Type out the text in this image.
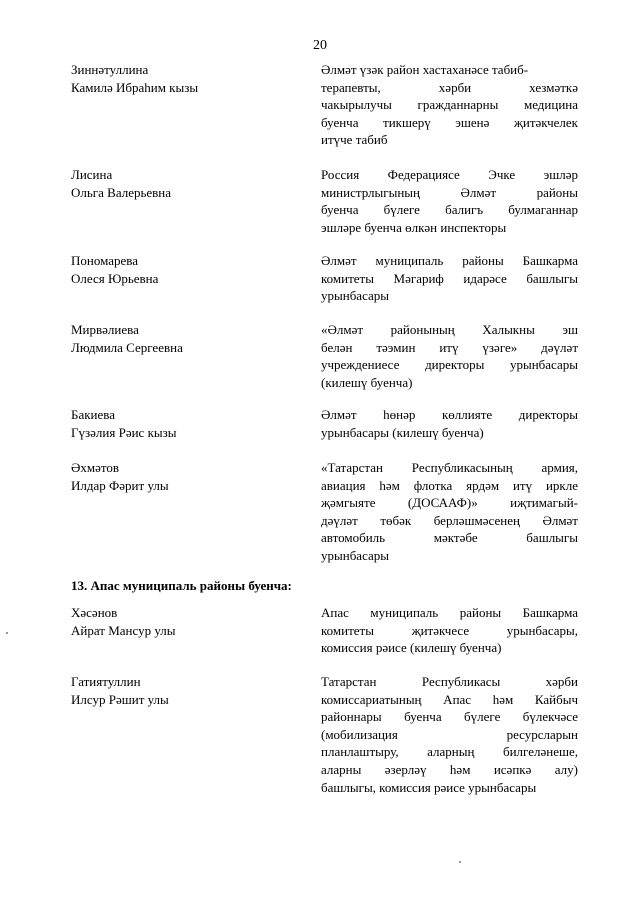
20
Зиннәтуллина
Камилә Ибраһим кызы
Әлмәт үзәк район хастаханәсе табиб-
терапевты, хәрби хезмәткә
чакырылучы гражданнарны медицина
буенча тикшерү эшенә җитәкчелек
итүче табиб
Лисина
Ольга Валерьевна
Россия Федерациясе Эчке эшләр
министрлыгының Әлмәт районы
буенча бүлеге балигъ булмаганнар
эшләре буенча өлкән инспекторы
Пономарева
Олеся Юрьевна
Әлмәт муниципаль районы Башкарма
комитеты Мәгариф идарәсе башлыгы
урынбасары
Мирвәлиева
Людмила Сергеевна
«Әлмәт районының Халыкны эш
белән тәэмин итү үзәге» дәүләт
учреждениесе директоры урынбасары
(килешү буенча)
Бакиева
Гүзәлия Рәис кызы
Әлмәт һөнәр көллияте директоры
урынбасары (килешү буенча)
Әхмәтов
Илдар Фәрит улы
«Татарстан Республикасының армия,
авиация һәм флотка ярдәм итү иркле
җәмгыяте (ДОСААФ)» иҗтимагый-
дәүләт төбәк берләшмәсенең Әлмәт
автомобиль мәктәбе башлыгы
урынбасары
13. Апас муниципаль районы буенча:
Хәсәнов
Айрат Мансур улы
Апас муниципаль районы Башкарма
комитеты җитәкчесе урынбасары,
комиссия рәисе (килешү буенча)
Гатиятуллин
Илсур Рәшит улы
Татарстан Республикасы хәрби
комиссариатының Апас һәм Кайбыч
районнары буенча бүлеге бүлекчәсе
(мобилизация ресурсларын
планлаштыру, аларның билгеләнеше,
аларны әзерләү һәм исәпкә алу)
башлыгы, комиссия рәисе урынбасары
